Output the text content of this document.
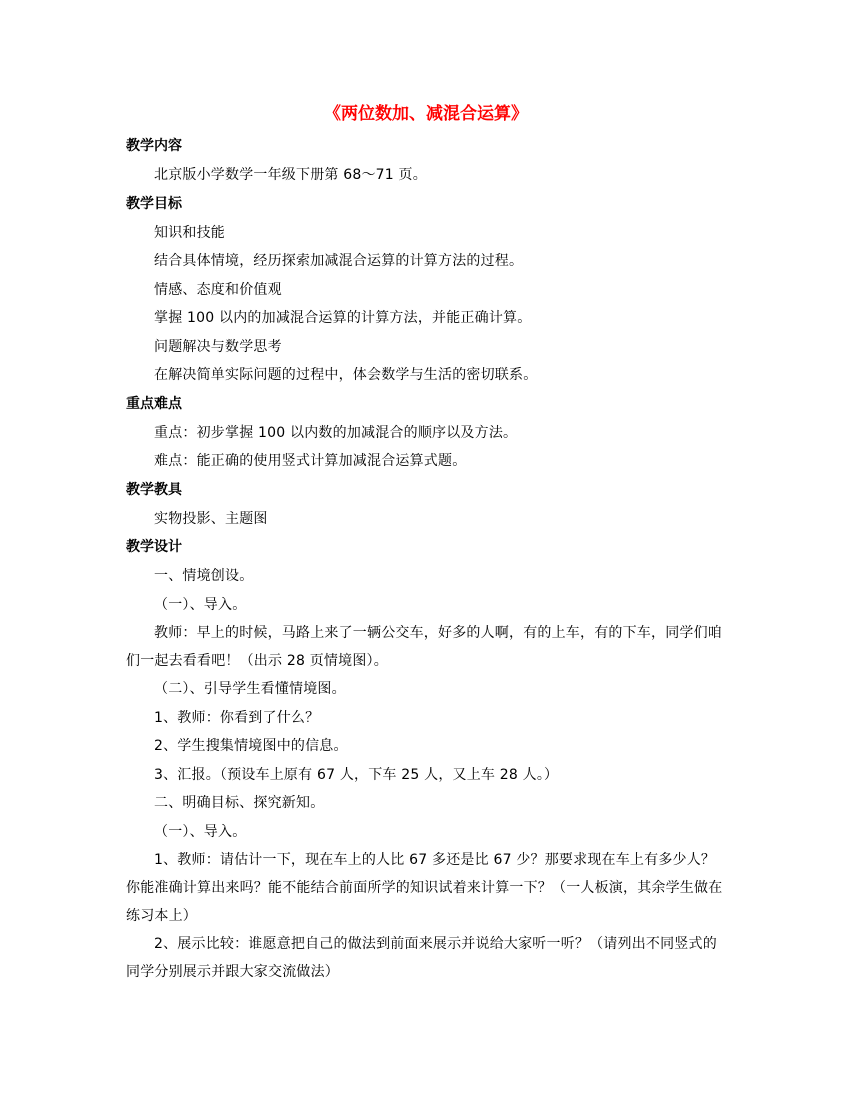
《两位数加、减混合运算》
教学内容
北京版小学数学一年级下册第 68～71 页。
教学目标
知识和技能
结合具体情境，经历探索加减混合运算的计算方法的过程。
情感、态度和价值观
掌握 100 以内的加减混合运算的计算方法，并能正确计算。
问题解决与数学思考
在解决简单实际问题的过程中，体会数学与生活的密切联系。
重点难点
重点：初步掌握 100 以内数的加减混合的顺序以及方法。
难点：能正确的使用竖式计算加减混合运算式题。
教学教具
实物投影、主题图
教学设计
一、情境创设。
（一）、导入。
教师：早上的时候，马路上来了一辆公交车，好多的人啊，有的上车，有的下车，同学们咱们一起去看看吧！（出示 28 页情境图）。
（二）、引导学生看懂情境图。
1、教师：你看到了什么？
2、学生搜集情境图中的信息。
3、汇报。（预设车上原有 67 人，下车 25 人，又上车 28 人。）
二、明确目标、探究新知。
（一）、导入。
1、教师：请估计一下，现在车上的人比 67 多还是比 67 少？那要求现在车上有多少人？你能准确计算出来吗？能不能结合前面所学的知识试着来计算一下？（一人板演，其余学生做在练习本上）
2、展示比较：谁愿意把自己的做法到前面来展示并说给大家听一听？（请列出不同竖式的同学分别展示并跟大家交流做法）
